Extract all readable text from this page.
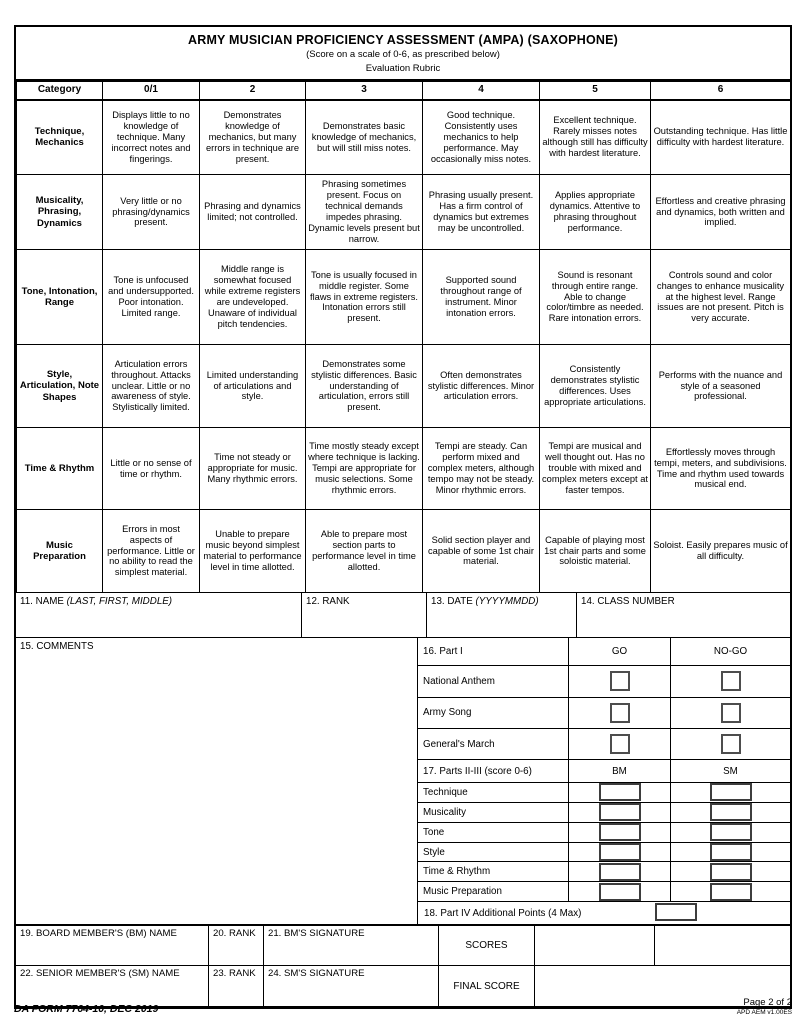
ARMY MUSICIAN PROFICIENCY ASSESSMENT (AMPA) (SAXOPHONE)
(Score on a scale of 0-6, as prescribed below)
Evaluation Rubric
Category	0/1	2	3	4	5	6
Technique, Mechanics	Displays little to no knowledge of technique. Many incorrect notes and fingerings.	Demonstrates knowledge of mechanics, but many errors in technique are present.	Demonstrates basic knowledge of mechanics, but will still miss notes.	Good technique. Consistently uses mechanics to help performance. May occasionally miss notes.	Excellent technique. Rarely misses notes although still has difficulty with hardest literature.	Outstanding technique. Has little difficulty with hardest literature.
Musicality, Phrasing, Dynamics	Very little or no phrasing/dynamics present.	Phrasing and dynamics limited; not controlled.	Phrasing sometimes present. Focus on technical demands impedes phrasing. Dynamic levels present but narrow.	Phrasing usually present. Has a firm control of dynamics but extremes may be uncontrolled.	Applies appropriate dynamics. Attentive to phrasing throughout performance.	Effortless and creative phrasing and dynamics, both written and implied.
Tone, Intonation, Range	Tone is unfocused and undersupported. Poor intonation. Limited range.	Middle range is somewhat focused while extreme registers are undeveloped. Unaware of individual pitch tendencies.	Tone is usually focused in middle register. Some flaws in extreme registers. Intonation errors still present.	Supported sound throughout range of instrument. Minor intonation errors.	Sound is resonant through entire range. Able to change color/timbre as needed. Rare intonation errors.	Controls sound and color changes to enhance musicality at the highest level. Range issues are not present. Pitch is very accurate.
Style, Articulation, Note Shapes	Articulation errors throughout. Attacks unclear. Little or no awareness of style. Stylistically limited.	Limited understanding of articulations and style.	Demonstrates some stylistic differences. Basic understanding of articulation, errors still present.	Often demonstrates stylistic differences. Minor articulation errors.	Consistently demonstrates stylistic differences. Uses appropriate articulations.	Performs with the nuance and style of a seasoned professional.
Time & Rhythm	Little or no sense of time or rhythm.	Time not steady or appropriate for music. Many rhythmic errors.	Time mostly steady except where technique is lacking. Tempi are appropriate for music selections. Some rhythmic errors.	Tempi are steady. Can perform mixed and complex meters, although tempo may not be steady. Minor rhythmic errors.	Tempi are musical and well thought out. Has no trouble with mixed and complex meters except at faster tempos.	Effortlessly moves through tempi, meters, and subdivisions. Time and rhythm used towards musical end.
Music Preparation	Errors in most aspects of performance. Little or no ability to read the simplest material.	Unable to prepare music beyond simplest material to performance level in time allotted.	Able to prepare most section parts to performance level in time allotted.	Solid section player and capable of some 1st chair material.	Capable of playing most 1st chair parts and some soloistic material.	Soloist. Easily prepares music of all difficulty.
11. NAME (LAST, FIRST, MIDDLE)	12. RANK	13. DATE (YYYYMMDD)	14. CLASS NUMBER
15. COMMENTS	16. Part I	GO	NO-GO
National Anthem
Army Song
General's March
17. Parts II-III (score 0-6)	BM	SM
Technique
Musicality
Tone
Style
Time & Rhythm
Music Preparation
18. Part IV Additional Points (4 Max)
19. BOARD MEMBER'S (BM) NAME	20. RANK	21. BM'S SIGNATURE
SCORES
22. SENIOR MEMBER'S (SM) NAME	23. RANK	24. SM'S SIGNATURE
FINAL SCORE
DA FORM 7764-10, DEC 2019
Page 2 of 2
APD AEM v1.00ES
